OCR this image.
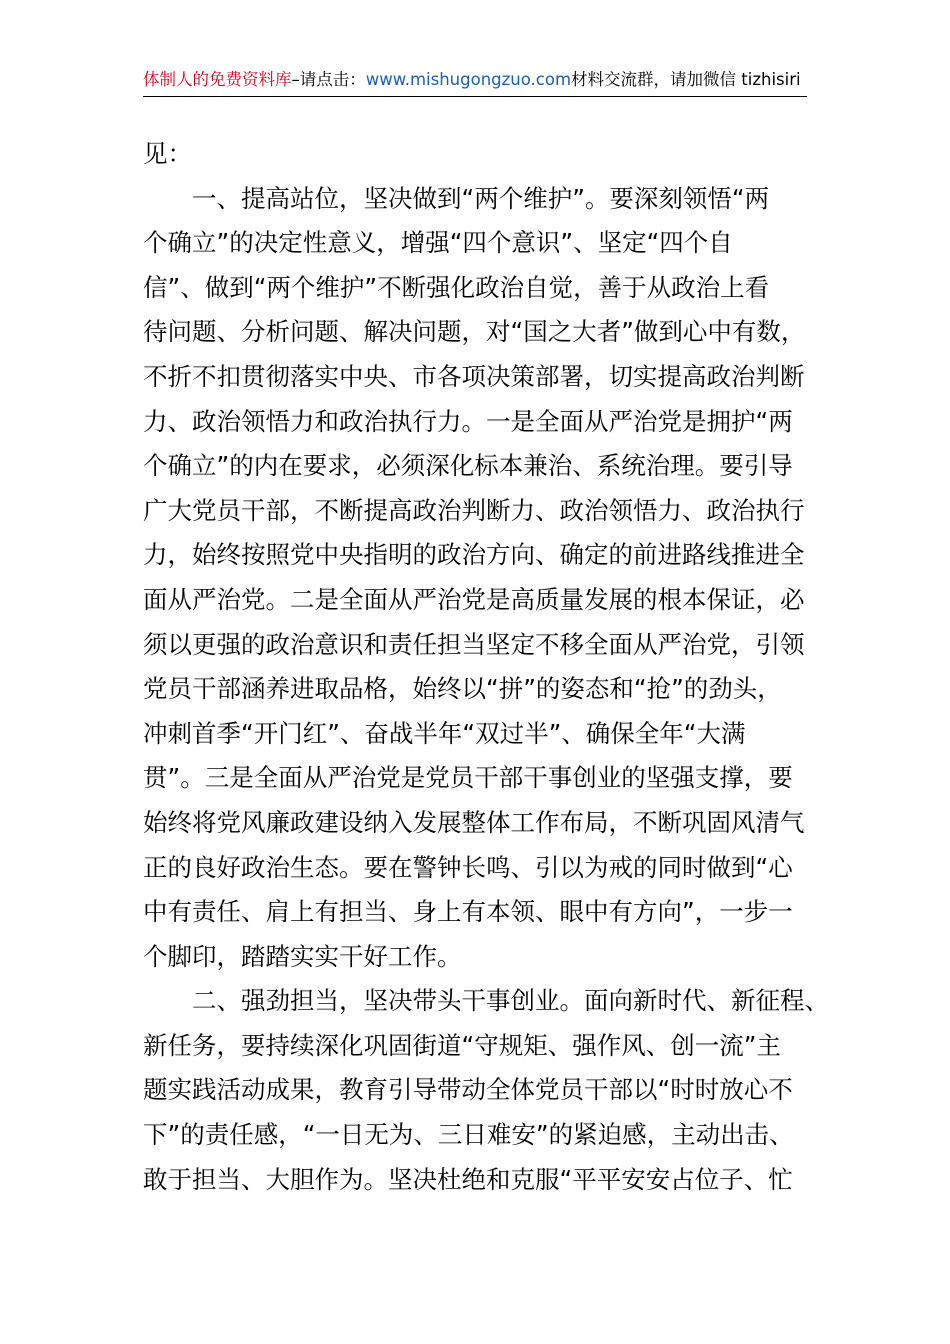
体制人的免费资料库–请点击：www.mishugongzuo.com材料交流群，请加微信 tizhisiri
见：
　　一、提高站位，坚决做到“两个维护”。要深刻领悟“两
个确立”的决定性意义，增强“四个意识”、坚定“四个自
信”、做到“两个维护”不断强化政治自觉，善于从政治上看
待问题、分析问题、解决问题，对“国之大者”做到心中有数，
不折不扣贯彻落实中央、市各项决策部署，切实提高政治判断
力、政治领悟力和政治执行力。一是全面从严治党是拥护“两
个确立”的内在要求，必须深化标本兼治、系统治理。要引导
广大党员干部，不断提高政治判断力、政治领悟力、政治执行
力，始终按照党中央指明的政治方向、确定的前进路线推进全
面从严治党。二是全面从严治党是高质量发展的根本保证，必
须以更强的政治意识和责任担当坚定不移全面从严治党，引领
党员干部涵养进取品格，始终以“拼”的姿态和“抢”的劲头，
冲刺首季“开门红”、奋战半年“双过半”、确保全年“大满
贯”。三是全面从严治党是党员干部干事创业的坚强支撑，要
始终将党风廉政建设纳入发展整体工作布局，不断巩固风清气
正的良好政治生态。要在警钟长鸣、引以为戒的同时做到“心
中有责任、肩上有担当、身上有本领、眼中有方向”，一步一
个脚印，踏踏实实干好工作。
　　二、强劲担当，坚决带头干事创业。面向新时代、新征程、
新任务，要持续深化巩固街道“守规矩、强作风、创一流”主
题实践活动成果，教育引导带动全体党员干部以“时时放心不
下”的责任感，“一日无为、三日难安”的紧迫感，主动出击、
敢于担当、大胆作为。坚决杜绝和克服“平平安安占位子、忙
